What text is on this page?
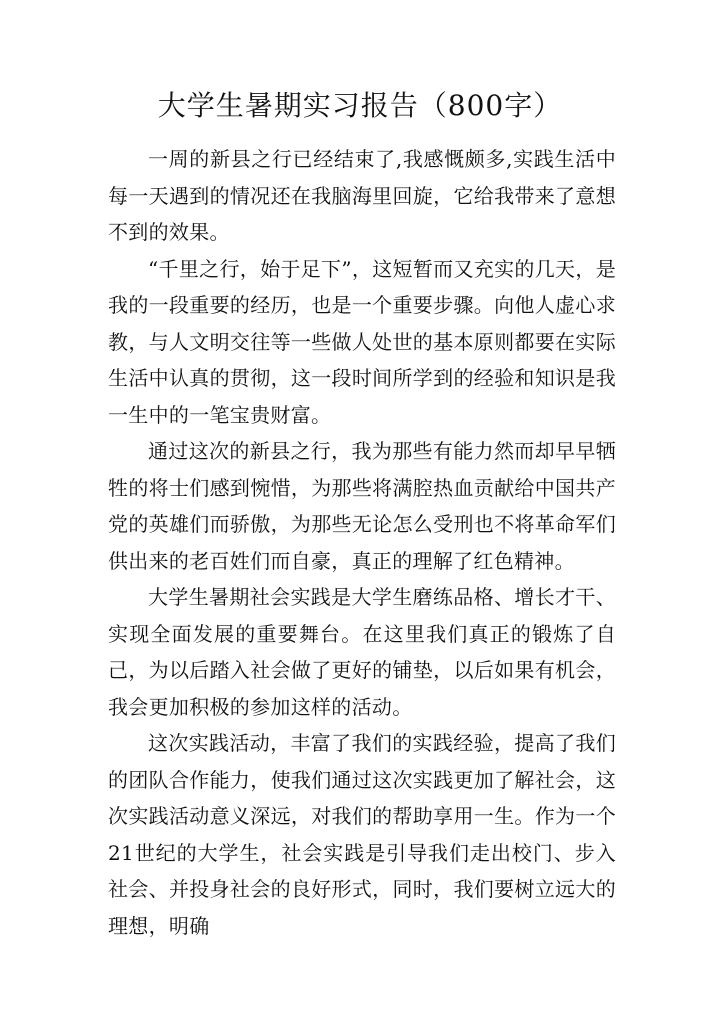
大学生暑期实习报告（800字）

一周的新县之行已经结束了,我感慨颇多,实践生活中每一天遇到的情况还在我脑海里回旋，它给我带来了意想不到的效果。

“千里之行，始于足下”，这短暂而又充实的几天，是我的一段重要的经历，也是一个重要步骤。向他人虚心求教，与人文明交往等一些做人处世的基本原则都要在实际生活中认真的贯彻，这一段时间所学到的经验和知识是我一生中的一笔宝贵财富。

通过这次的新县之行，我为那些有能力然而却早早牺牲的将士们感到惋惜，为那些将满腔热血贡献给中国共产党的英雄们而骄傲，为那些无论怎么受刑也不将革命军们供出来的老百姓们而自豪，真正的理解了红色精神。

大学生暑期社会实践是大学生磨练品格、增长才干、实现全面发展的重要舞台。在这里我们真正的锻炼了自己，为以后踏入社会做了更好的铺垫，以后如果有机会，我会更加积极的参加这样的活动。

这次实践活动，丰富了我们的实践经验，提高了我们的团队合作能力，使我们通过这次实践更加了解社会，这次实践活动意义深远，对我们的帮助享用一生。作为一个21世纪的大学生，社会实践是引导我们走出校门、步入社会、并投身社会的良好形式，同时，我们要树立远大的理想，明确
